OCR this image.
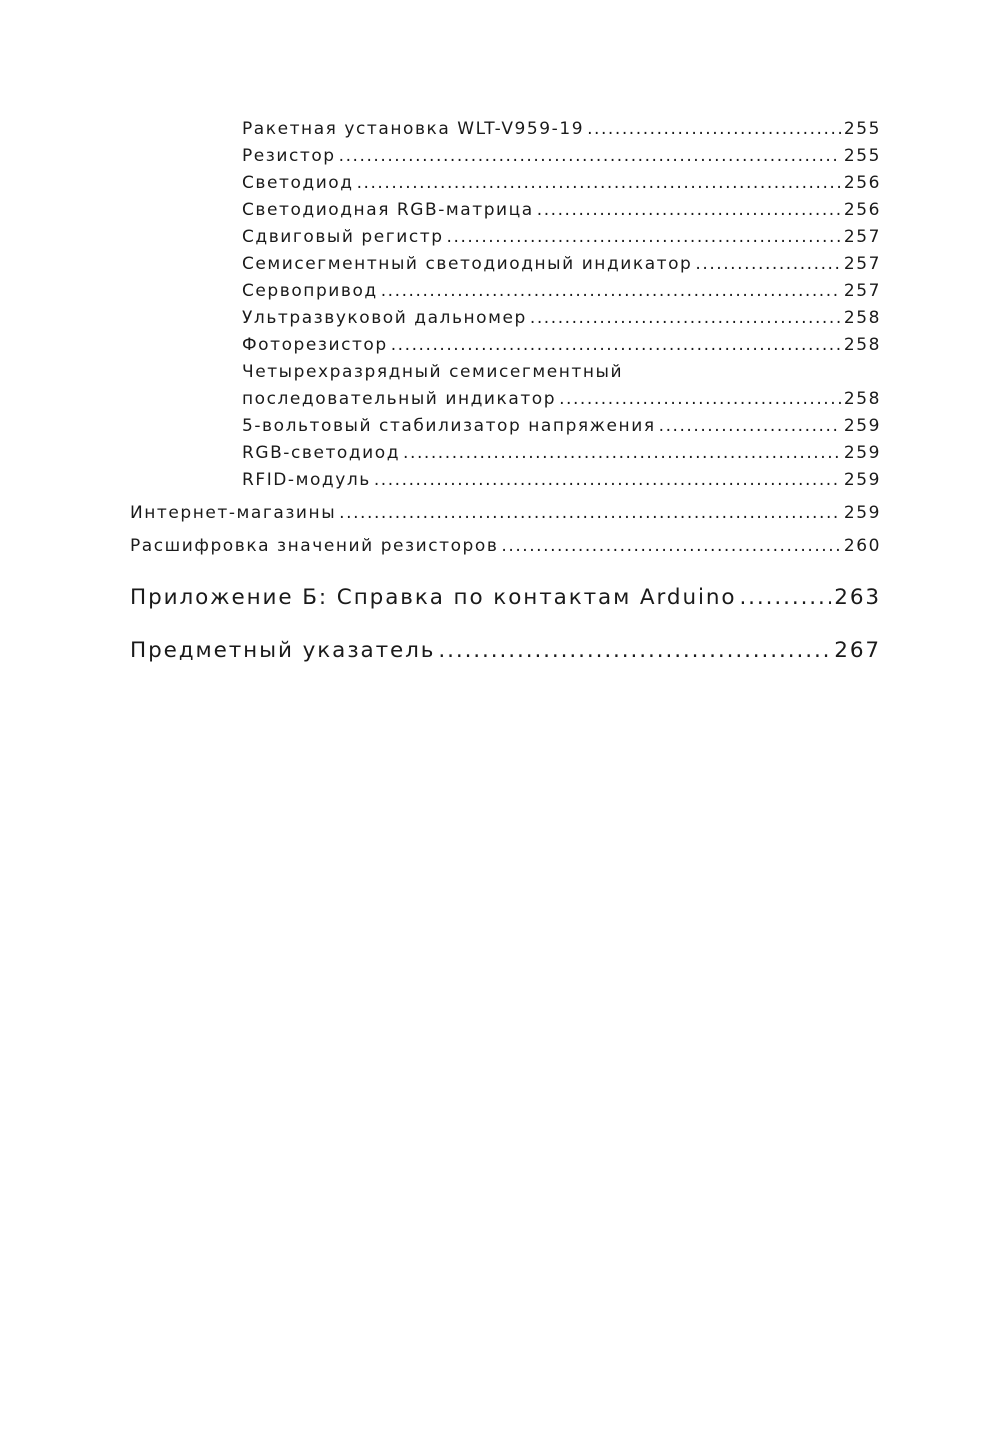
Ракетная установка WLT-V959-19 .....	255
Резистор .....	255
Светодиод .....	256
Светодиодная RGB-матрица .....	256
Сдвиговый регистр .....	257
Семисегментный светодиодный индикатор .....	257
Сервопривод .....	257
Ультразвуковой дальномер .....	258
Фоторезистор .....	258
Четырехразрядный семисегментный
последовательный индикатор .....	258
5-вольтовый стабилизатор напряжения .....	259
RGB-светодиод .....	259
RFID-модуль .....	259
Интернет-магазины .....	259
Расшифровка значений резисторов .....	260
Приложение Б: Справка по контактам Arduino .....	263
Предметный указатель .....	267
